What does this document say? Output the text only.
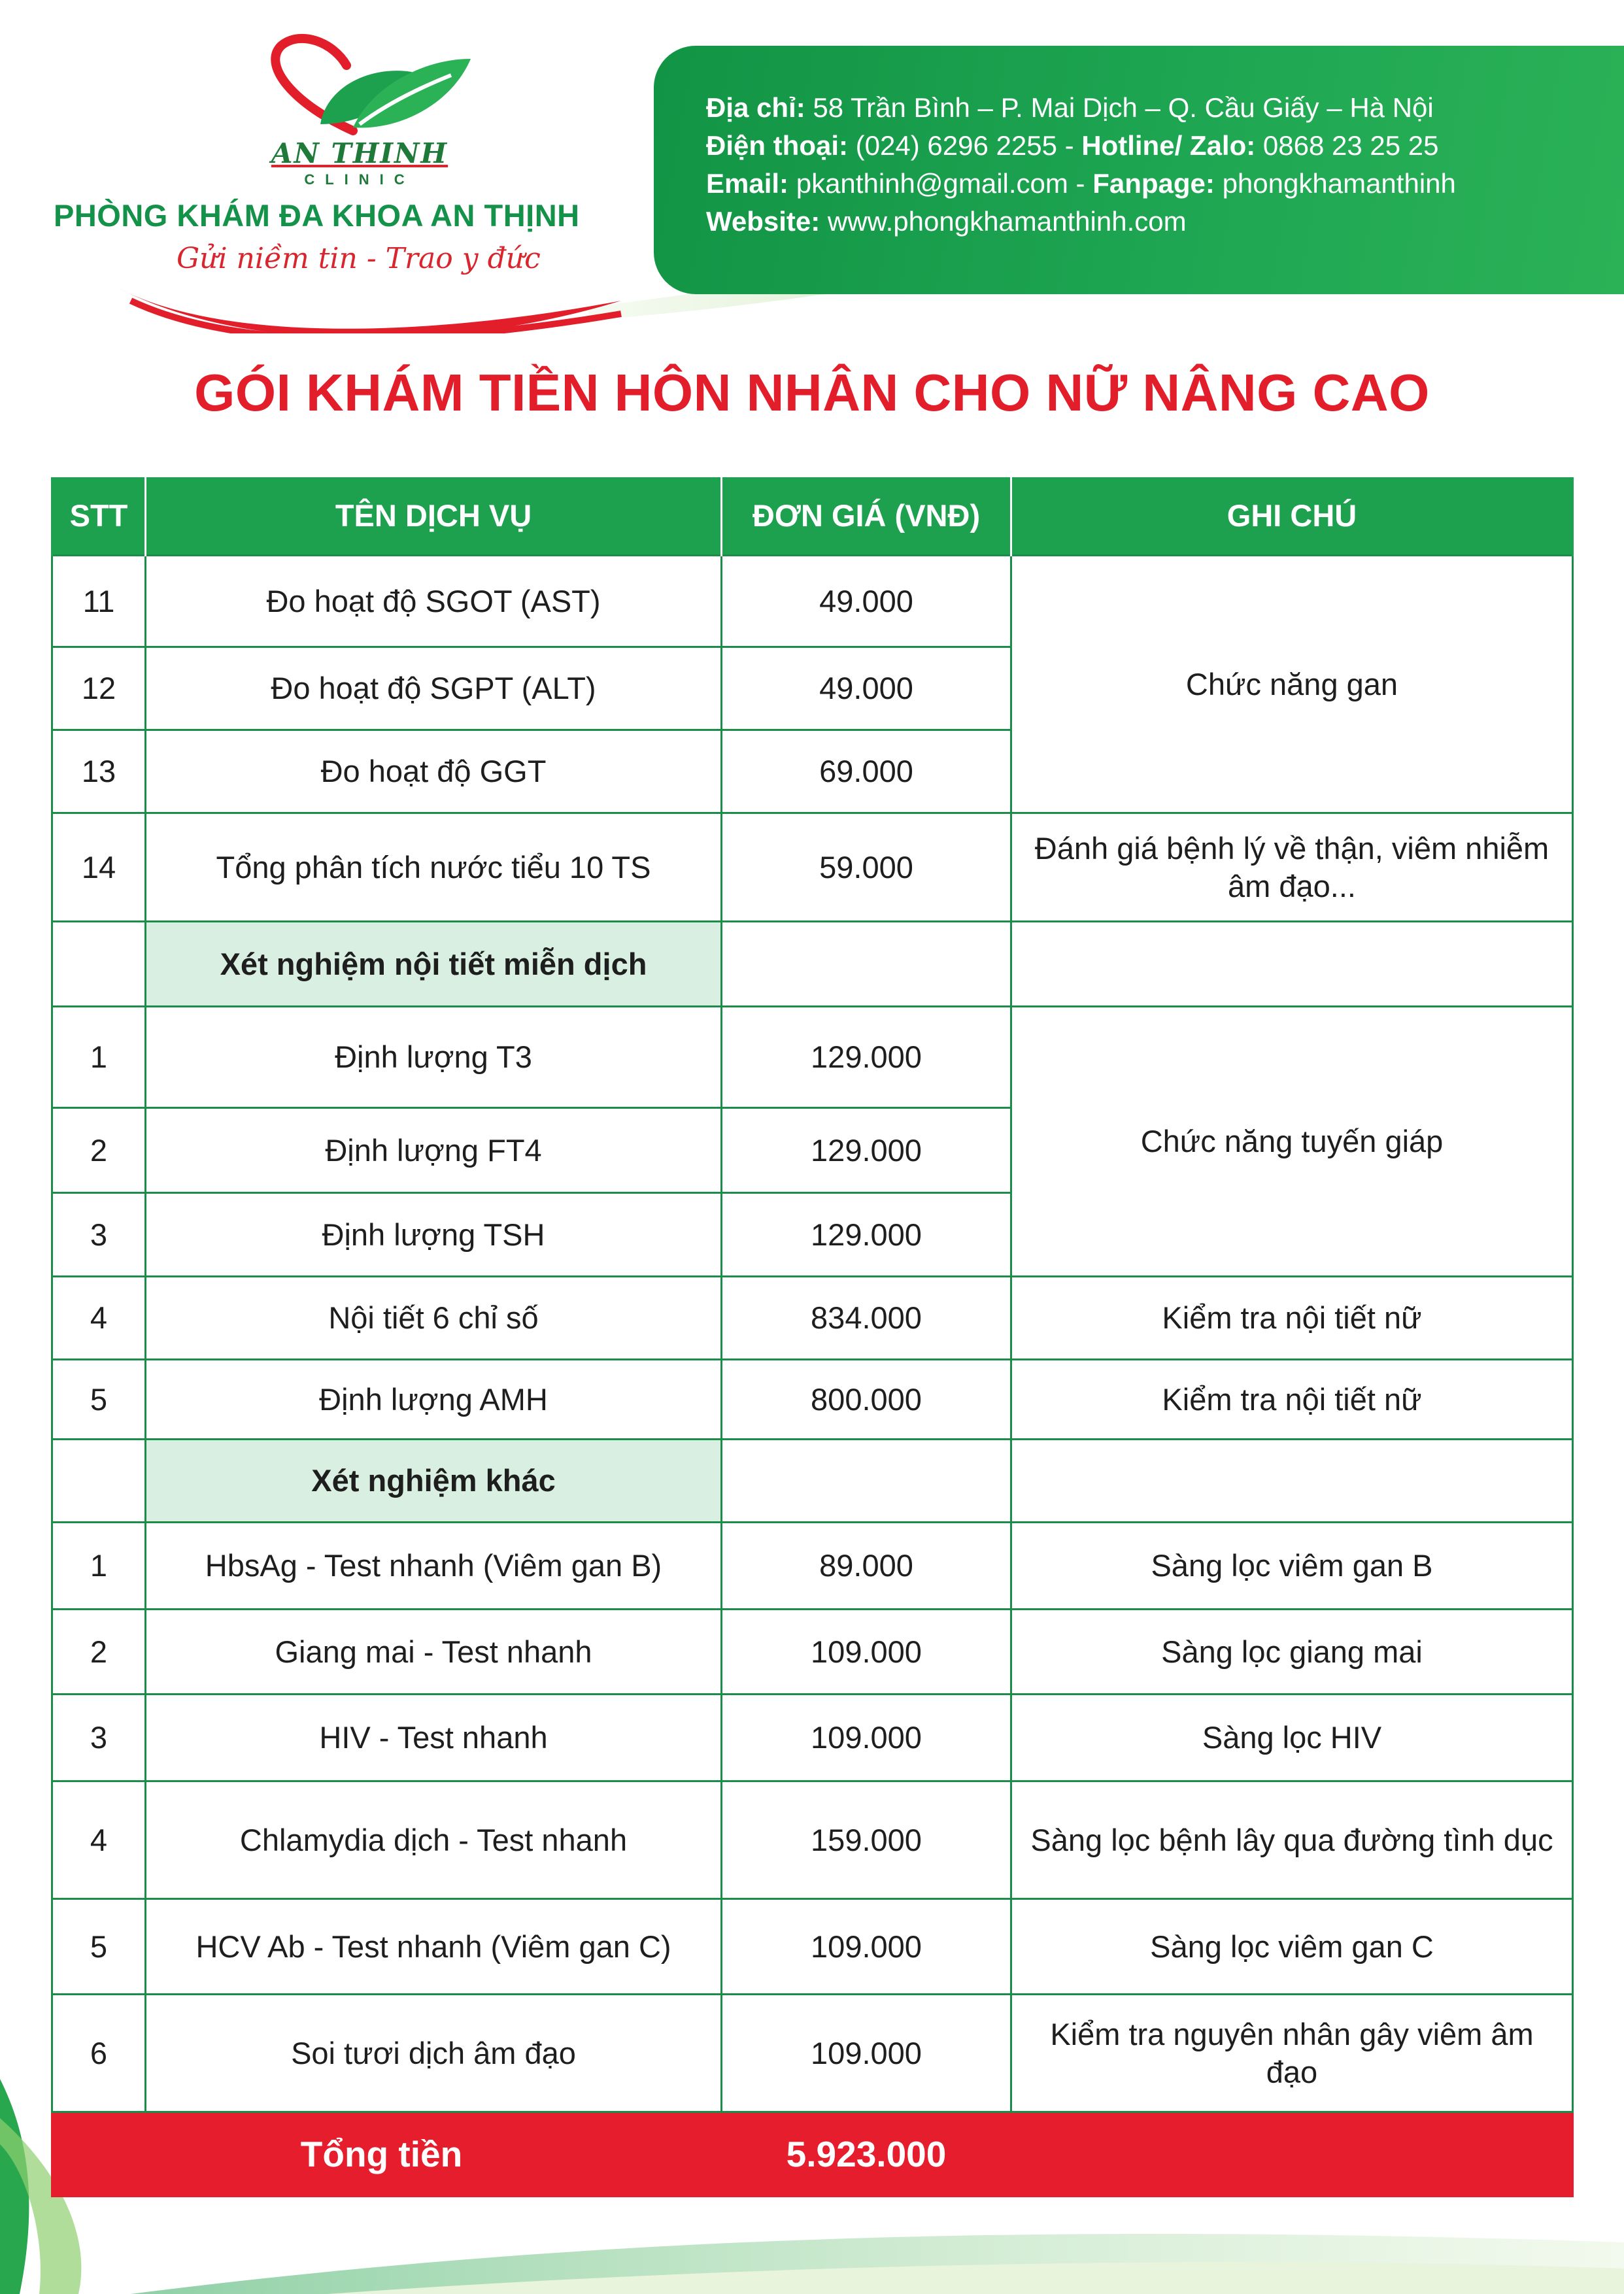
AN THINH
CLINIC
PHÒNG KHÁM ĐA KHOA AN THỊNH
Gửi niềm tin - Trao y đức
Địa chỉ: 58 Trần Bình – P. Mai Dịch – Q. Cầu Giấy – Hà Nội
Điện thoại: (024) 6296 2255 - Hotline/ Zalo: 0868 23 25 25
Email: pkanthinh@gmail.com - Fanpage: phongkhamanthinh
Website: www.phongkhamanthinh.com
GÓI KHÁM TIỀN HÔN NHÂN CHO NỮ NÂNG CAO
STT	TÊN DỊCH VỤ	ĐƠN GIÁ (VNĐ)	GHI CHÚ
11	Đo hoạt độ SGOT (AST)	49.000	Chức năng gan
12	Đo hoạt độ SGPT (ALT)	49.000	
13	Đo hoạt độ GGT	69.000	
14	Tổng phân tích nước tiểu 10 TS	59.000	Đánh giá bệnh lý về thận, viêm nhiễm âm đạo...
	Xét nghiệm nội tiết miễn dịch		
1	Định lượng T3	129.000	Chức năng tuyến giáp
2	Định lượng FT4	129.000	
3	Định lượng TSH	129.000	
4	Nội tiết 6 chỉ số	834.000	Kiểm tra nội tiết nữ
5	Định lượng AMH	800.000	Kiểm tra nội tiết nữ
	Xét nghiệm khác		
1	HbsAg - Test nhanh (Viêm gan B)	89.000	Sàng lọc viêm gan B
2	Giang mai - Test nhanh	109.000	Sàng lọc giang mai
3	HIV - Test nhanh	109.000	Sàng lọc HIV
4	Chlamydia dịch - Test nhanh	159.000	Sàng lọc bệnh lây qua đường tình dục
5	HCV Ab - Test nhanh (Viêm gan C)	109.000	Sàng lọc viêm gan C
6	Soi tươi dịch âm đạo	109.000	Kiểm tra nguyên nhân gây viêm âm đạo
Tổng tiền		5.923.000	
